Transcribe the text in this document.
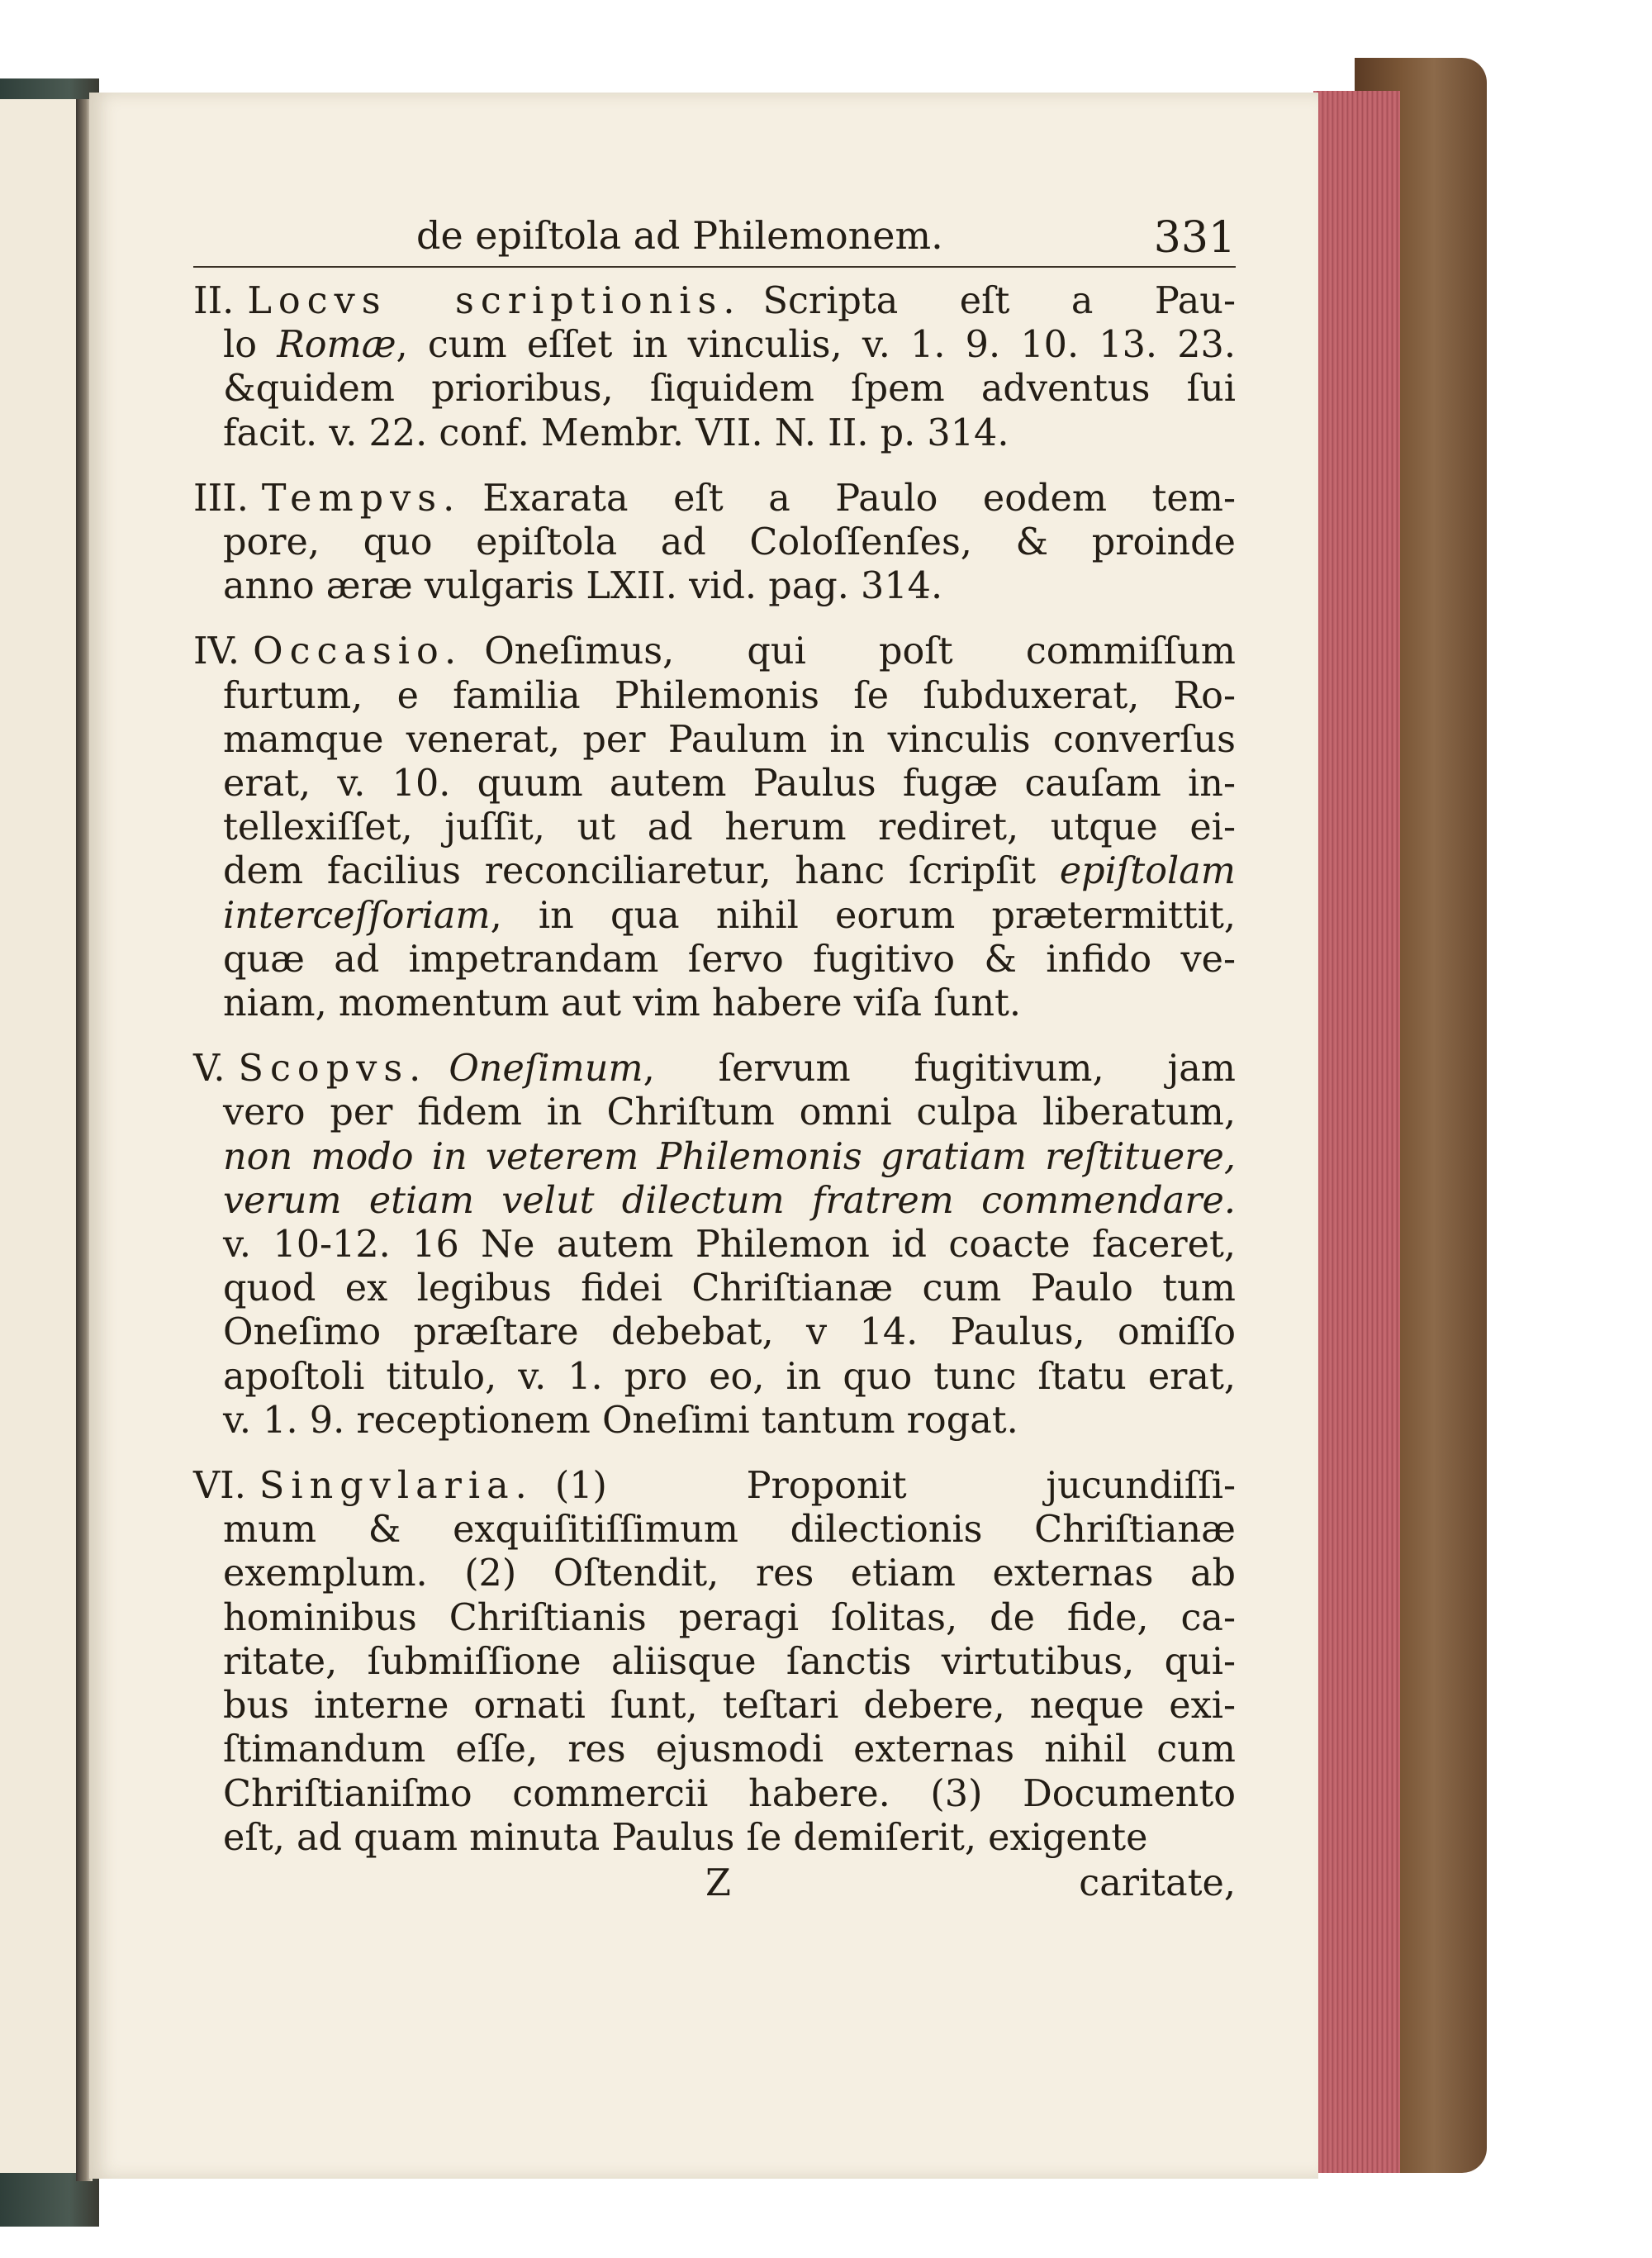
de epiſtola ad Philemonem.	331
II. Locvs scriptionis. Scripta eſt a Pau-
lo Romæ, cum eſſet in vinculis, v. 1. 9. 10. 13. 23.
&quidem prioribus, ſiquidem ſpem adventus ſui
facit. v. 22. conf. Membr. VII. N. II. p. 314.
III. Tempvs. Exarata eſt a Paulo eodem tem-
pore, quo epiſtola ad Coloſſenſes, & proinde
anno æræ vulgaris LXII. vid. pag. 314.
IV. Occasio. Oneſimus, qui poſt commiſſum
furtum, e familia Philemonis ſe ſubduxerat, Ro-
mamque venerat, per Paulum in vinculis converſus
erat, v. 10. quum autem Paulus fugæ cauſam in-
tellexiſſet, juſſit, ut ad herum rediret, utque ei-
dem facilius reconciliaretur, hanc ſcripſit epiſtolam
interceſſoriam, in qua nihil eorum prætermittit,
quæ ad impetrandam ſervo fugitivo & infido ve-
niam, momentum aut vim habere viſa ſunt.
V. Scopvs. Oneſimum, ſervum fugitivum, jam
vero per fidem in Chriſtum omni culpa liberatum,
non modo in veterem Philemonis gratiam reſtituere,
verum etiam velut dilectum fratrem commendare.
v. 10-12. 16 Ne autem Philemon id coacte faceret,
quod ex legibus fidei Chriſtianæ cum Paulo tum
Oneſimo præſtare debebat, v 14. Paulus, omiſſo
apoſtoli titulo, v. 1. pro eo, in quo tunc ſtatu erat,
v. 1. 9. receptionem Oneſimi tantum rogat.
VI. Singvlaria. (1) Proponit jucundiſſi-
mum & exquiſitiſſimum dilectionis Chriſtianæ
exemplum. (2) Oſtendit, res etiam externas ab
hominibus Chriſtianis peragi ſolitas, de fide, ca-
ritate, ſubmiſſione aliisque ſanctis virtutibus, qui-
bus interne ornati ſunt, teſtari debere, neque exi-
ſtimandum eſſe, res ejusmodi externas nihil cum
Chriſtianiſmo commercii habere. (3) Documento
eſt, ad quam minuta Paulus ſe demiſerit, exigente
Z	caritate,
